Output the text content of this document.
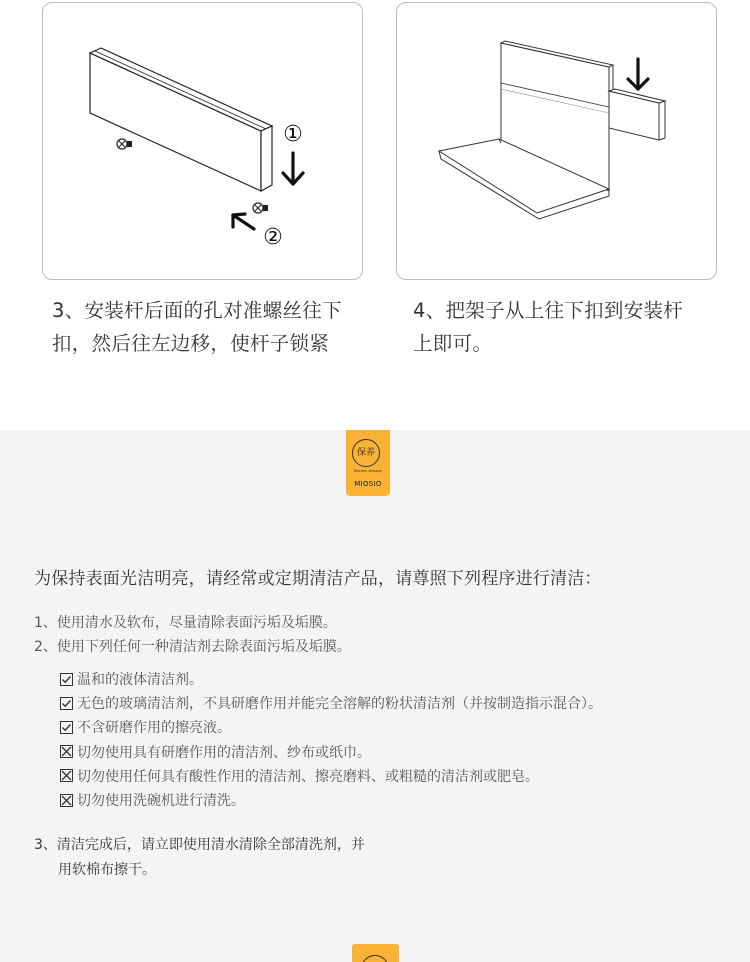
①
②

3、安装杆后面的孔对准螺丝往下

扣，然后往左边移，使杆子锁紧

4、把架子从上往下扣到安装杆

上即可。

保养
Kitchen storage
MIOSIO
为保持表面光洁明亮，请经常或定期清洁产品，请尊照下列程序进行清洁：

1、使用清水及软布，尽量清除表面污垢及垢膜。

2、使用下列任何一种清洁剂去除表面污垢及垢膜。

温和的液体清洁剂。
无色的玻璃清洁剂，不具研磨作用并能完全溶解的粉状清洁剂（并按制造指示混合）。
不含研磨作用的擦亮液。
切勿使用具有研磨作用的清洁剂、纱布或纸巾。
切勿使用任何具有酸性作用的清洁剂、擦亮磨料、或粗糙的清洁剂或肥皂。
切勿使用洗碗机进行清洗。
3、清洁完成后，请立即使用清水清除全部清洗剂，并
用软棉布擦干。
